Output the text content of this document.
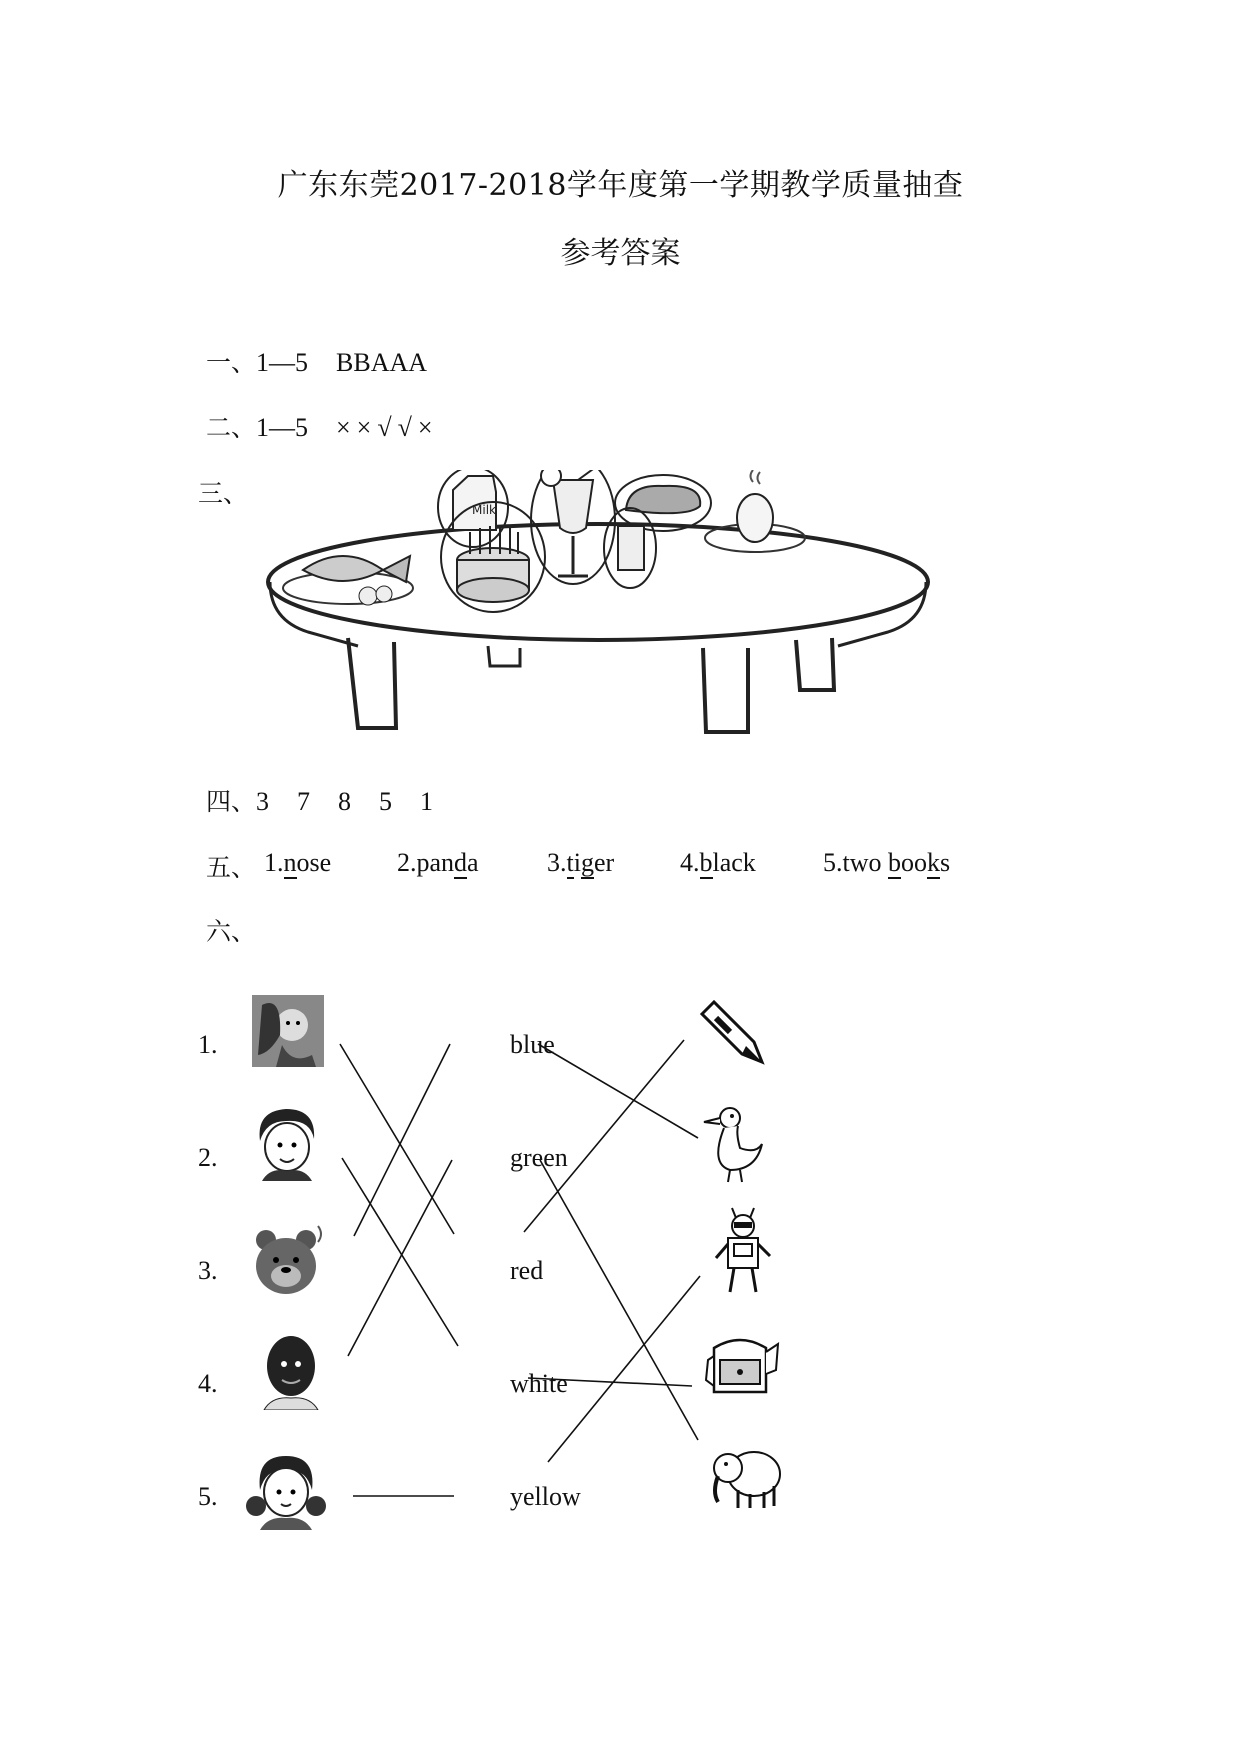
广东东莞2017-2018学年度第一学期教学质量抽查
参考答案
一、1—5 BBAAA
二、1—5 ××√√×
三、
Milk
四、3 7 8 5 1
五、 1.nose	2.panda	3.tiger	4.black	5.two books
六、
1.
2.
3.
4.
5.
blue
green
red
white
yellow
